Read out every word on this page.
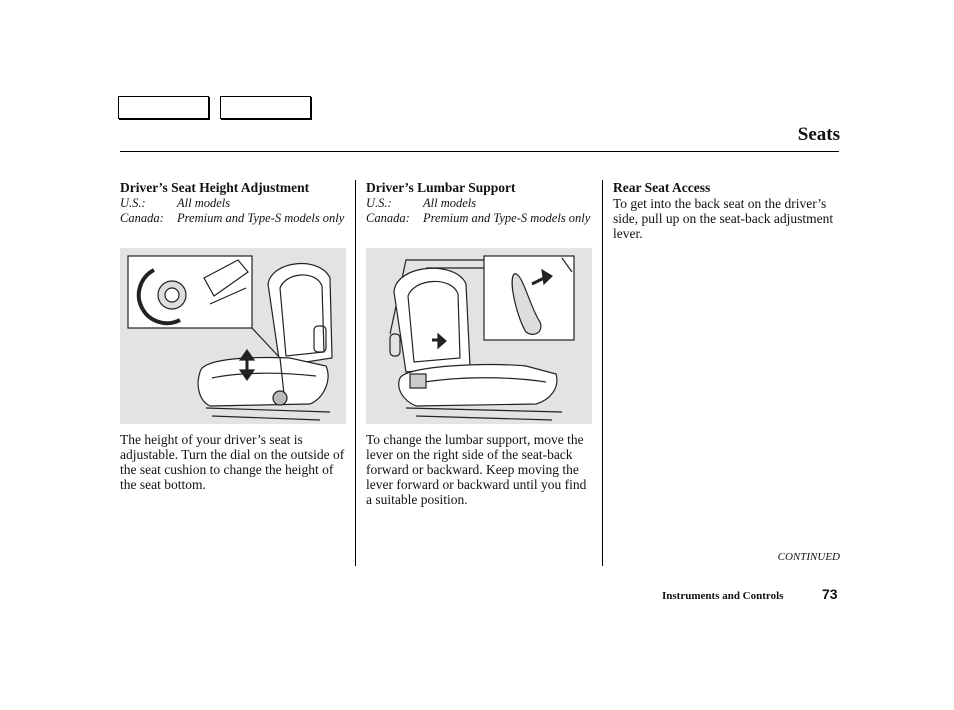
Seats
Driver’s Seat Height Adjustment
U.S.:	All models
Canada:	Premium and Type-S models only

The height of your driver’s seat is adjustable. Turn the dial on the outside of the seat cushion to change the height of the seat bottom.

Driver’s Lumbar Support
U.S.:	All models
Canada:	Premium and Type-S models only

To change the lumbar support, move the lever on the right side of the seat-back forward or backward. Keep moving the lever forward or backward until you find a suitable position.

Rear Seat Access

To get into the back seat on the driver’s side, pull up on the seat-back adjustment lever.

CONTINUED
Instruments and Controls	73
